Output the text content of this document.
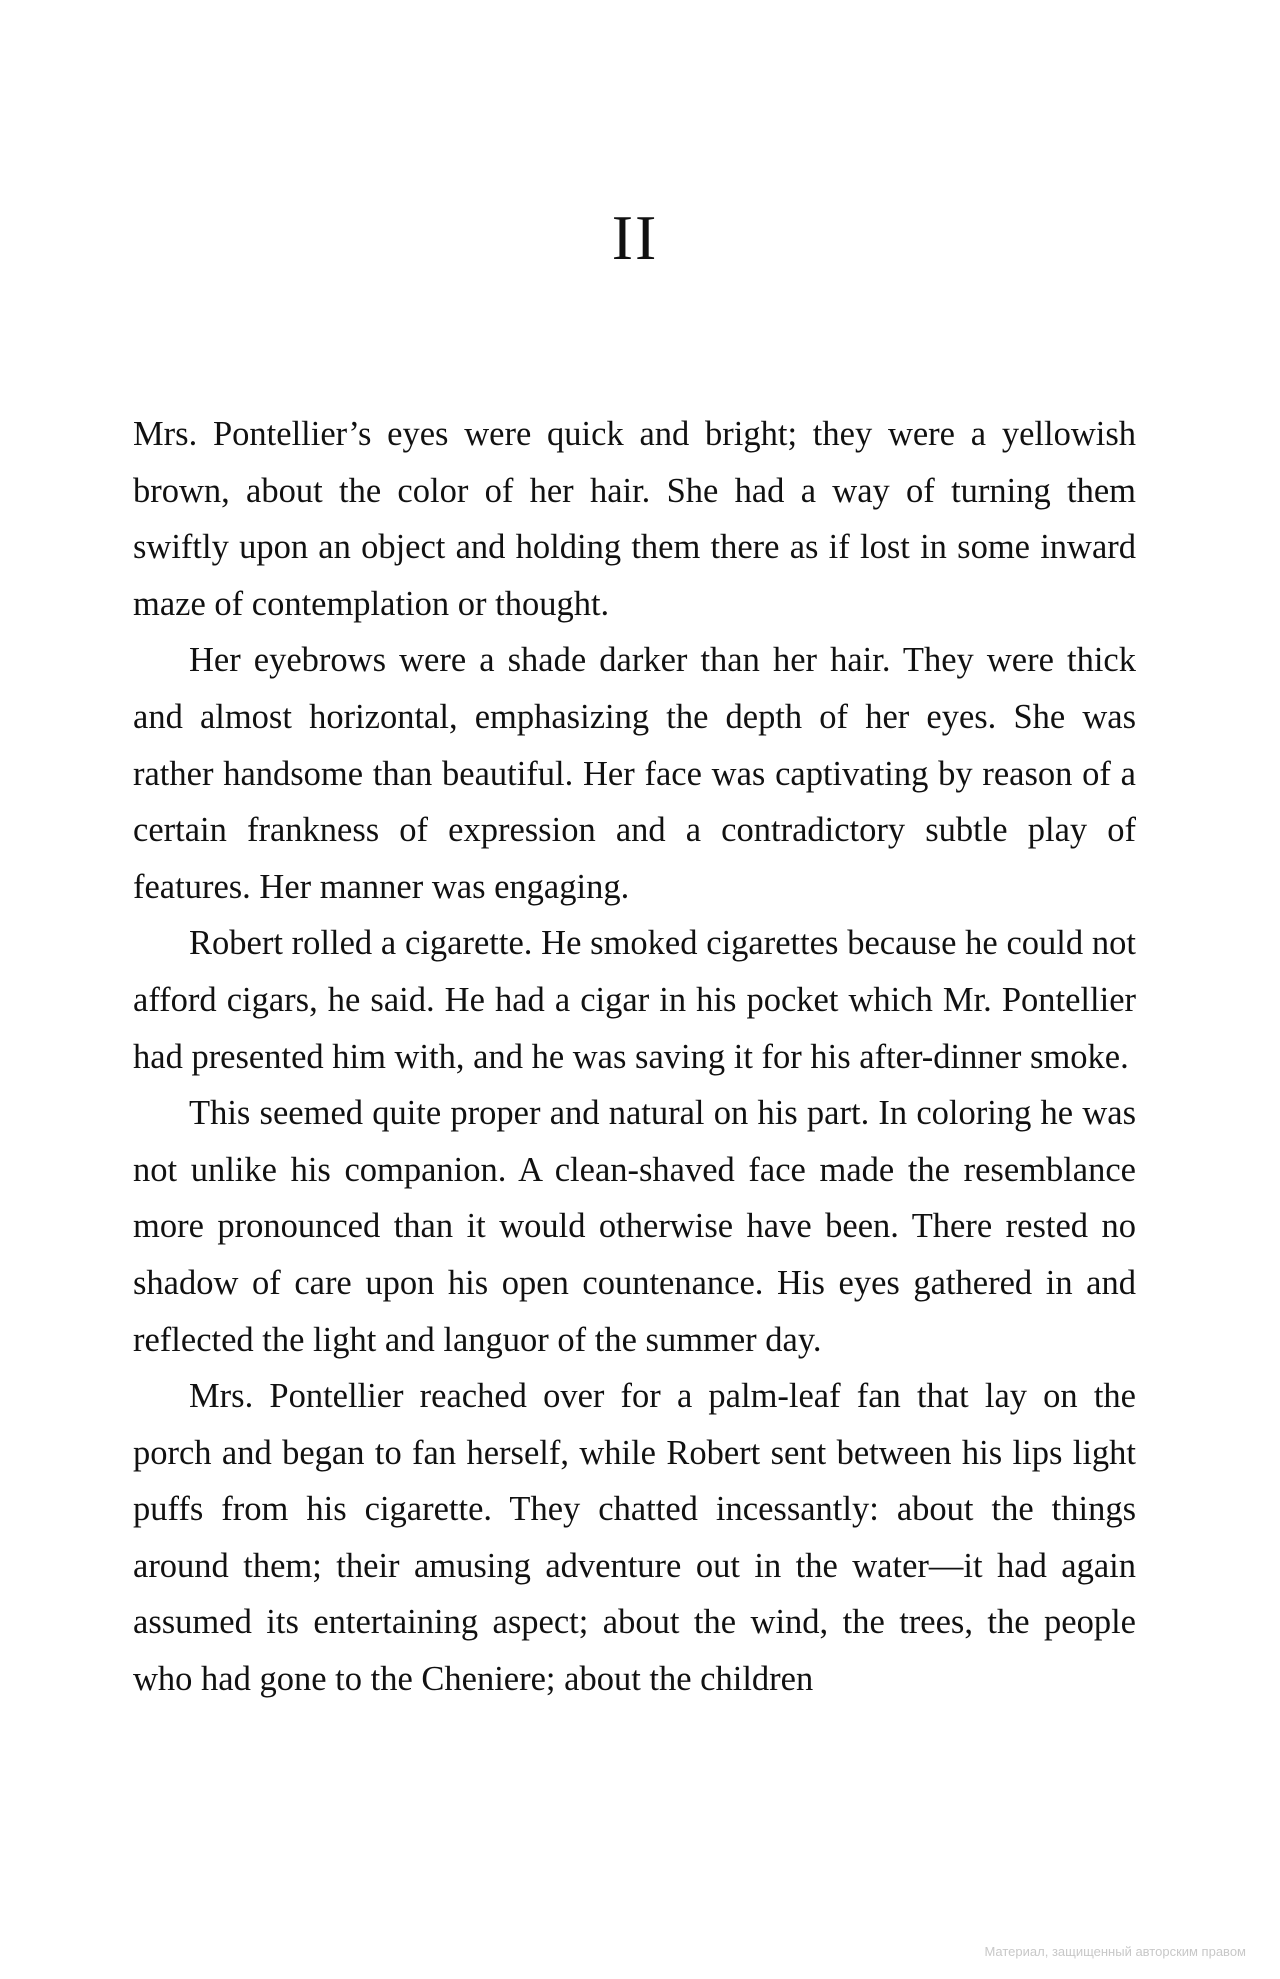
II

Mrs. Pontellier’s eyes were quick and bright; they were a yellowish brown, about the color of her hair. She had a way of turning them swiftly upon an object and holding them there as if lost in some inward maze of contemplation or thought.

Her eyebrows were a shade darker than her hair. They were thick and almost horizontal, emphasizing the depth of her eyes. She was rather handsome than beautiful. Her face was captivating by reason of a certain frankness of expression and a contradictory subtle play of features. Her manner was engaging.

Robert rolled a cigarette. He smoked cigarettes because he could not afford cigars, he said. He had a cigar in his pocket which Mr. Pontellier had presented him with, and he was saving it for his after-dinner smoke.

This seemed quite proper and natural on his part. In coloring he was not unlike his companion. A clean-shaved face made the resemblance more pronounced than it would otherwise have been. There rested no shadow of care upon his open countenance. His eyes gathered in and reflected the light and languor of the summer day.

Mrs. Pontellier reached over for a palm-leaf fan that lay on the porch and began to fan herself, while Robert sent between his lips light puffs from his cigarette. They chatted incessantly: about the things around them; their amusing adventure out in the water—it had again assumed its entertaining aspect; about the wind, the trees, the people who had gone to the Cheniere; about the children

Материал, защищенный авторским правом
